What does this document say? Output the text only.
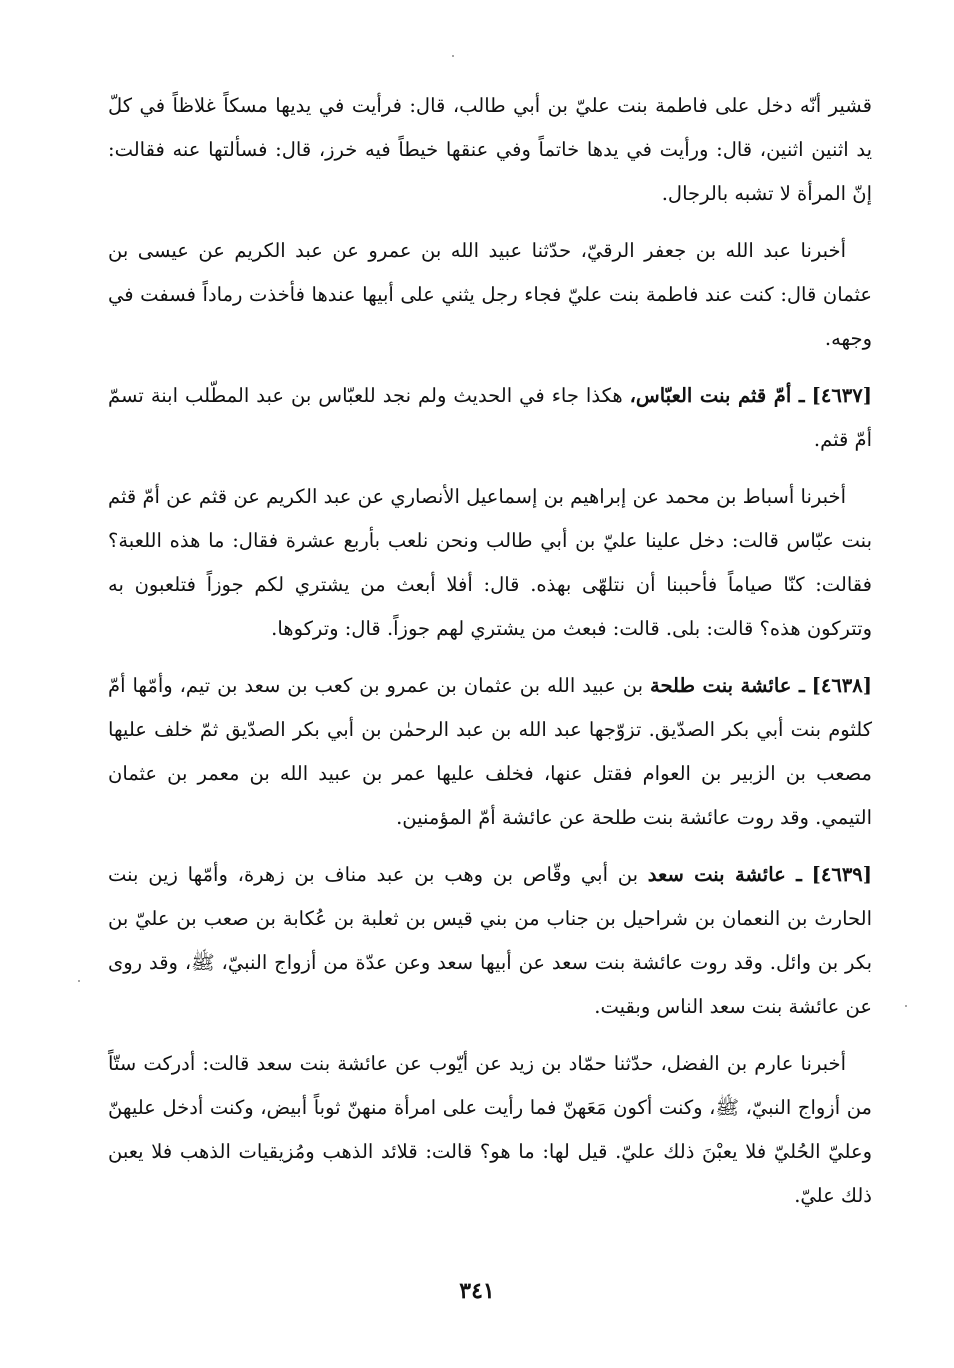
قشير أنّه دخل على فاطمة بنت عليّ بن أبي طالب، قال: فرأيت في يديها مسكاً غلاظاً في كلّ يد اثنين اثنين، قال: ورأيت في يدها خاتماً وفي عنقها خيطاً فيه خرز، قال: فسألتها عنه فقالت: إنّ المرأة لا تشبه بالرجال.

أخبرنا عبد الله بن جعفر الرقيّ، حدّثنا عبيد الله بن عمرو عن عبد الكريم عن عيسى بن عثمان قال: كنت عند فاطمة بنت عليّ فجاء رجل يثني على أبيها عندها فأخذت رماداً فسفت في وجهه.

[٤٦٣٧] ـ أمّ قثم بنت العبّاس، هكذا جاء في الحديث ولم نجد للعبّاس بن عبد المطّلب ابنة تسمّ أمّ قثم.

أخبرنا أسباط بن محمد عن إبراهيم بن إسماعيل الأنصاري عن عبد الكريم عن قثم عن أمّ قثم بنت عبّاس قالت: دخل علينا عليّ بن أبي طالب ونحن نلعب بأربع عشرة فقال: ما هذه اللعبة؟ فقالت: كنّا صياماً فأحببنا أن نتلهّى بهذه. قال: أفلا أبعث من يشتري لكم جوزاً فتلعبون به وتتركون هذه؟ قالت: بلى. قالت: فبعث من يشتري لهم جوزاً. قال: وتركوها.

[٤٦٣٨] ـ عائشة بنت طلحة بن عبيد الله بن عثمان بن عمرو بن كعب بن سعد بن تيم، وأمّها أمّ كلثوم بنت أبي بكر الصدّيق. تزوّجها عبد الله بن عبد الرحمٰن بن أبي بكر الصدّيق ثمّ خلف عليها مصعب بن الزبير بن العوام فقتل عنها، فخلف عليها عمر بن عبيد الله بن معمر بن عثمان التيمي. وقد روت عائشة بنت طلحة عن عائشة أمّ المؤمنين.

[٤٦٣٩] ـ عائشة بنت سعد بن أبي وقّاص بن وهب بن عبد مناف بن زهرة، وأمّها زين بنت الحارث بن النعمان بن شراحيل بن جناب من بني قيس بن ثعلبة بن عُكابة بن صعب بن عليّ بن بكر بن وائل. وقد روت عائشة بنت سعد عن أبيها سعد وعن عدّة من أزواج النبيّ، ﷺ، وقد روى عن عائشة بنت سعد الناس وبقيت.

أخبرنا عارم بن الفضل، حدّثنا حمّاد بن زيد عن أيّوب عن عائشة بنت سعد قالت: أدركت ستّاً من أزواج النبيّ، ﷺ، وكنت أكون مَعَهنّ فما رأيت على امرأة منهنّ ثوباً أبيض، وكنت أدخل عليهنّ وعليّ الحُليّ فلا يعبْنَ ذلك عليّ. قيل لها: ما هو؟ قالت: قلائد الذهب ومُزيقيات الذهب فلا يعبن ذلك عليّ.

٣٤١
